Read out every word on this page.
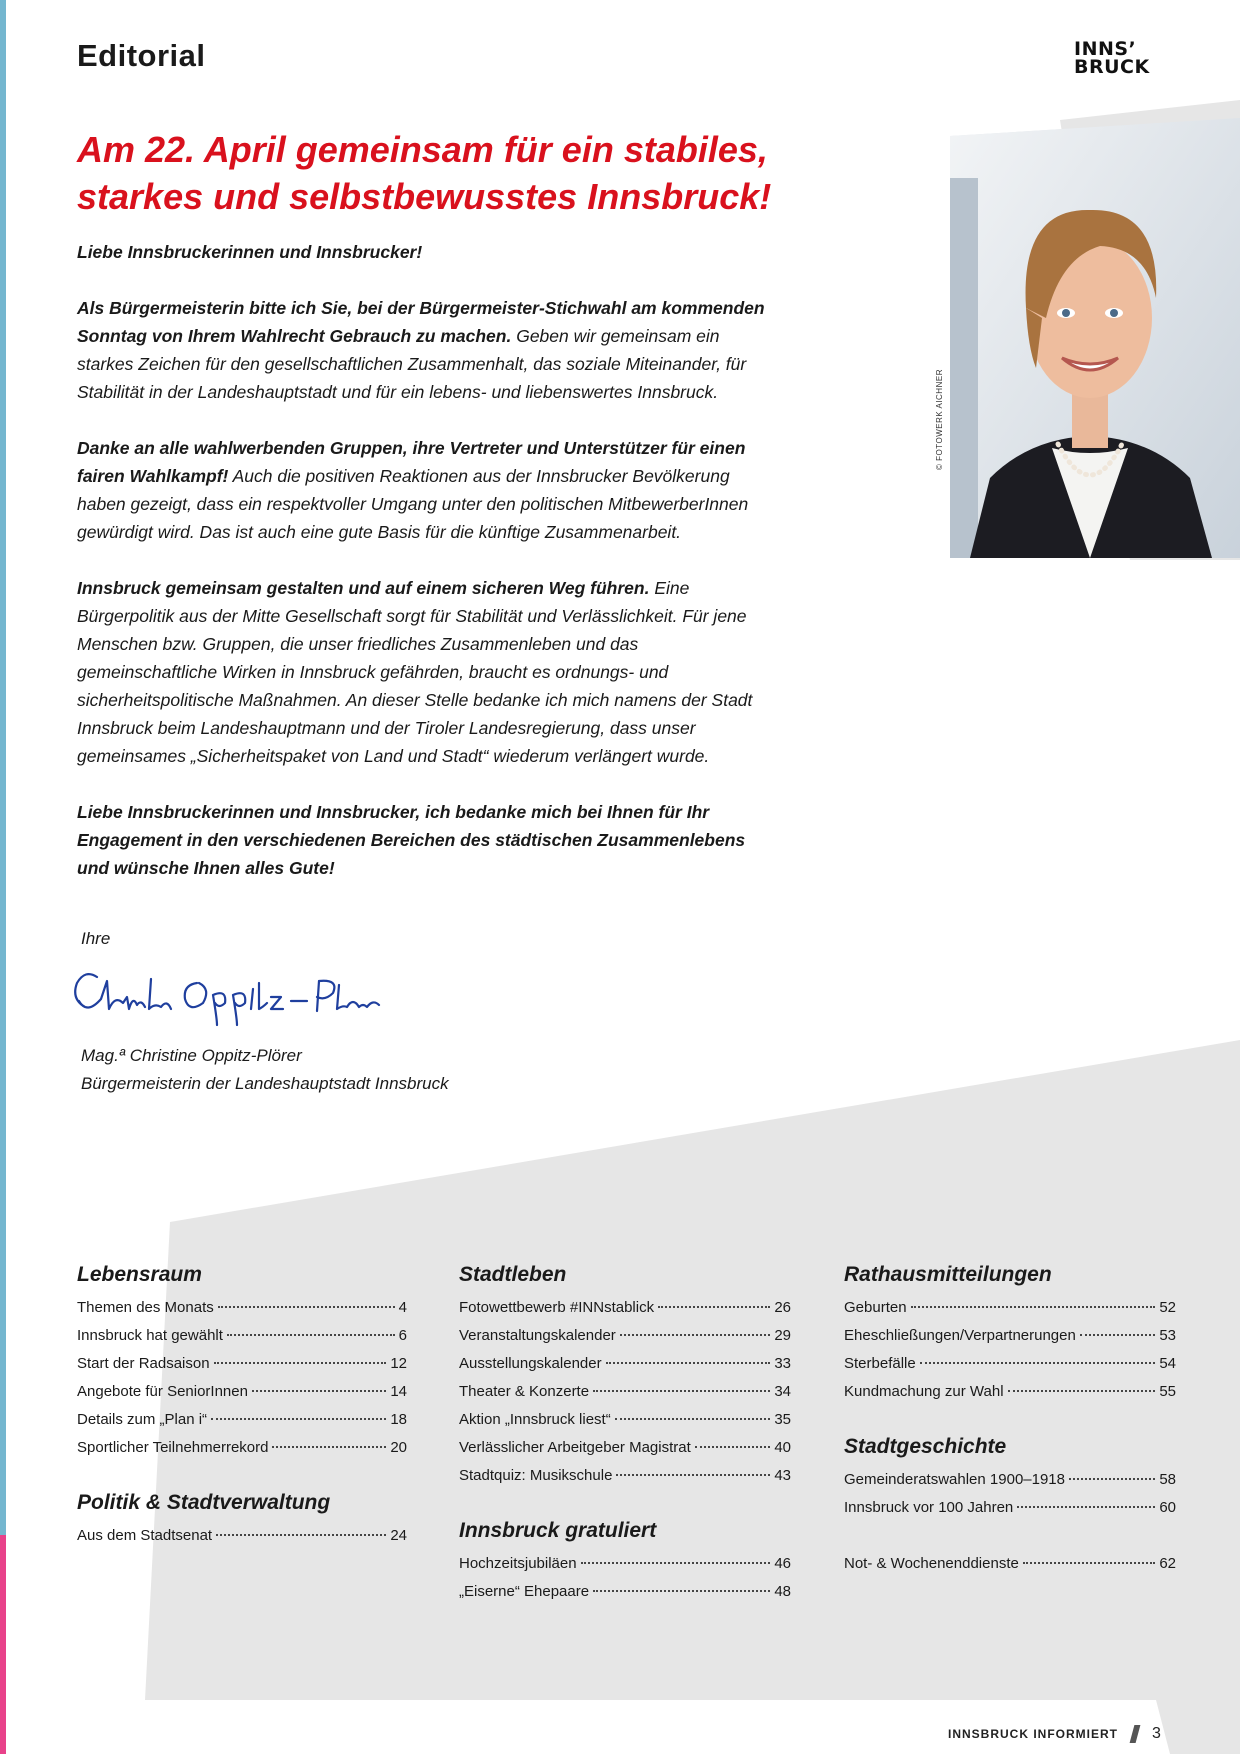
Editorial	INNS’
BRUCK
Am 22. April gemeinsam für ein stabiles, starkes und selbstbewusstes Innsbruck!
© FOTOWERK AICHNER

Liebe Innsbruckerinnen und Innsbrucker!

Als Bürgermeisterin bitte ich Sie, bei der Bürgermeister-Stichwahl am kommenden Sonntag von Ihrem Wahlrecht Gebrauch zu machen. Geben wir gemeinsam ein starkes Zeichen für den gesellschaftlichen Zusammenhalt, das soziale Miteinander, für Stabilität in der Landeshauptstadt und für ein lebens- und liebenswertes Innsbruck.

Danke an alle wahlwerbenden Gruppen, ihre Vertreter und Unterstützer für einen fairen Wahlkampf! Auch die positiven Reaktionen aus der Innsbrucker Bevölkerung haben gezeigt, dass ein respektvoller Umgang unter den politischen MitbewerberInnen gewürdigt wird. Das ist auch eine gute Basis für die künftige Zusammenarbeit.

Innsbruck gemeinsam gestalten und auf einem sicheren Weg führen. Eine Bürgerpolitik aus der Mitte Gesellschaft sorgt für Stabilität und Verlässlichkeit. Für jene Menschen bzw. Gruppen, die unser friedliches Zusammenleben und das gemeinschaftliche Wirken in Innsbruck gefährden, braucht es ordnungs- und sicherheitspolitische Maßnahmen. An dieser Stelle bedanke ich mich namens der Stadt Innsbruck beim Landeshauptmann und der Tiroler Landesregierung, dass unser gemeinsames „Sicherheitspaket von Land und Stadt“ wiederum verlängert wurde.

Liebe Innsbruckerinnen und Innsbrucker, ich bedanke mich bei Ihnen für Ihr Engagement in den verschiedenen Bereichen des städtischen Zusammenlebens und wünsche Ihnen alles Gute!

Ihre
Mag.ª Christine Oppitz-Plörer
Bürgermeisterin der Landeshauptstadt Innsbruck
Lebensraum
Themen des Monats	4
Innsbruck hat gewählt	6
Start der Radsaison	12
Angebote für SeniorInnen	14
Details zum „Plan i“	18
Sportlicher Teilnehmerrekord	20
Politik & Stadtverwaltung
Aus dem Stadtsenat	24
Stadtleben
Fotowettbewerb #INNstablick	26
Veranstaltungskalender	29
Ausstellungskalender	33
Theater & Konzerte	34
Aktion „Innsbruck liest“	35
Verlässlicher Arbeitgeber Magistrat	40
Stadtquiz: Musikschule	43
Innsbruck gratuliert
Hochzeitsjubiläen	46
„Eiserne“ Ehepaare	48
Rathausmitteilungen
Geburten	52
Eheschließungen/Verpartnerungen	53
Sterbefälle	54
Kundmachung zur Wahl	55
Stadtgeschichte
Gemeinderatswahlen 1900–1918	58
Innsbruck vor 100 Jahren	60
Not- & Wochenenddienste	62
INNSBRUCK INFORMIERT 3
